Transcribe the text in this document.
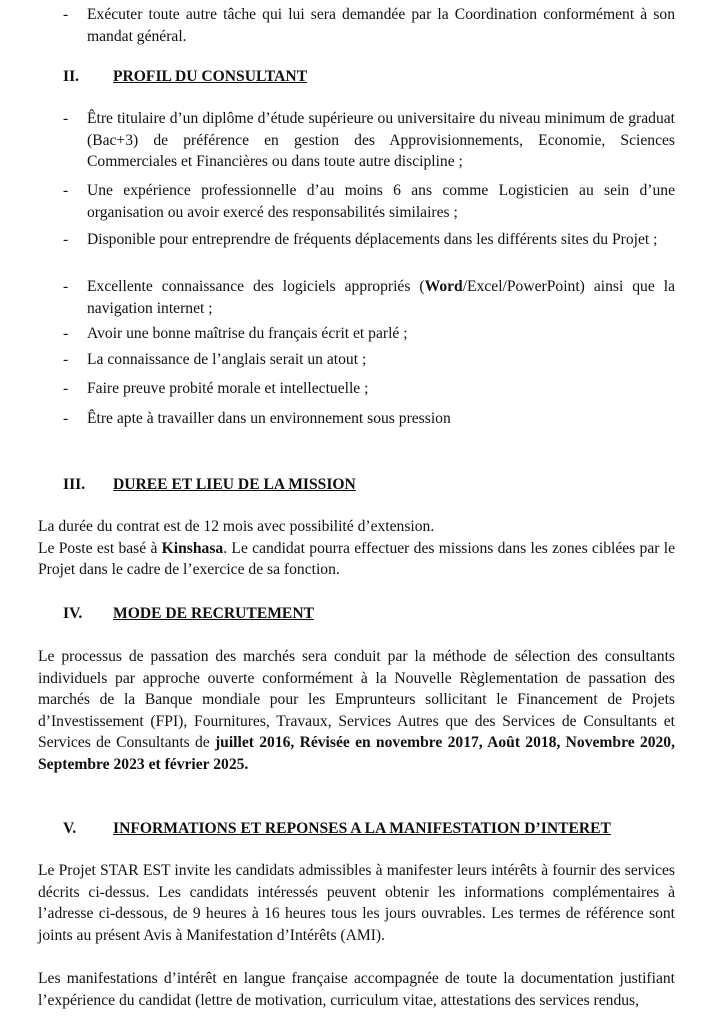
- Exécuter toute autre tâche qui lui sera demandée par la Coordination conformément à son mandat général.
II. PROFIL DU CONSULTANT
- Être titulaire d’un diplôme d’étude supérieure ou universitaire du niveau minimum de graduat (Bac+3) de préférence en gestion des Approvisionnements, Economie, Sciences Commerciales et Financières ou dans toute autre discipline ;
- Une expérience professionnelle d’au moins 6 ans comme Logisticien au sein d’une organisation ou avoir exercé des responsabilités similaires ;
- Disponible pour entreprendre de fréquents déplacements dans les différents sites du Projet ;
- Excellente connaissance des logiciels appropriés (Word/Excel/PowerPoint) ainsi que la navigation internet ;
- Avoir une bonne maîtrise du français écrit et parlé ;
- La connaissance de l’anglais serait un atout ;
- Faire preuve probité morale et intellectuelle ;
- Être apte à travailler dans un environnement sous pression
III. DUREE ET LIEU DE LA MISSION
La durée du contrat est de 12 mois avec possibilité d’extension.
Le Poste est basé à Kinshasa. Le candidat pourra effectuer des missions dans les zones ciblées par le Projet dans le cadre de l’exercice de sa fonction.
IV. MODE DE RECRUTEMENT
Le processus de passation des marchés sera conduit par la méthode de sélection des consultants individuels par approche ouverte conformément à la Nouvelle Règlementation de passation des marchés de la Banque mondiale pour les Emprunteurs sollicitant le Financement de Projets d’Investissement (FPI), Fournitures, Travaux, Services Autres que des Services de Consultants et Services de Consultants de juillet 2016, Révisée en novembre 2017, Août 2018, Novembre 2020, Septembre 2023 et février 2025.
V. INFORMATIONS ET REPONSES A LA MANIFESTATION D’INTERET
Le Projet STAR EST invite les candidats admissibles à manifester leurs intérêts à fournir des services décrits ci-dessus. Les candidats intéressés peuvent obtenir les informations complémentaires à l’adresse ci-dessous, de 9 heures à 16 heures tous les jours ouvrables. Les termes de référence sont joints au présent Avis à Manifestation d’Intérêts (AMI).
Les manifestations d’intérêt en langue française accompagnée de toute la documentation justifiant l’expérience du candidat (lettre de motivation, curriculum vitae, attestations des services rendus,
